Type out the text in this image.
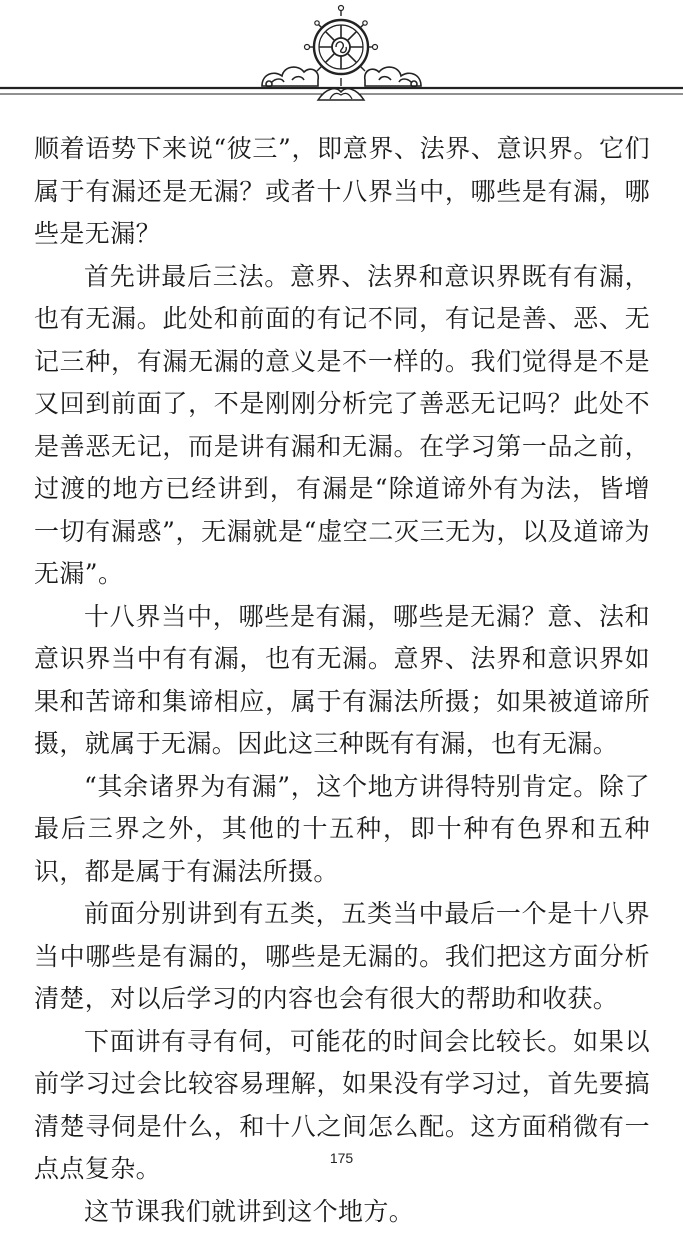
顺着语势下来说“彼三”，即意界、法界、意识界。它们属于有漏还是无漏？或者十八界当中，哪些是有漏，哪些是无漏？

首先讲最后三法。意界、法界和意识界既有有漏，也有无漏。此处和前面的有记不同，有记是善、恶、无记三种，有漏无漏的意义是不一样的。我们觉得是不是又回到前面了，不是刚刚分析完了善恶无记吗？此处不是善恶无记，而是讲有漏和无漏。在学习第一品之前，过渡的地方已经讲到，有漏是“除道谛外有为法，皆增一切有漏惑”，无漏就是“虚空二灭三无为，以及道谛为无漏”。

十八界当中，哪些是有漏，哪些是无漏？意、法和意识界当中有有漏，也有无漏。意界、法界和意识界如果和苦谛和集谛相应，属于有漏法所摄；如果被道谛所摄，就属于无漏。因此这三种既有有漏，也有无漏。

“其余诸界为有漏”，这个地方讲得特别肯定。除了最后三界之外，其他的十五种，即十种有色界和五种识，都是属于有漏法所摄。

前面分别讲到有五类，五类当中最后一个是十八界当中哪些是有漏的，哪些是无漏的。我们把这方面分析清楚，对以后学习的内容也会有很大的帮助和收获。

下面讲有寻有伺，可能花的时间会比较长。如果以前学习过会比较容易理解，如果没有学习过，首先要搞清楚寻伺是什么，和十八之间怎么配。这方面稍微有一点点复杂。

这节课我们就讲到这个地方。

175
